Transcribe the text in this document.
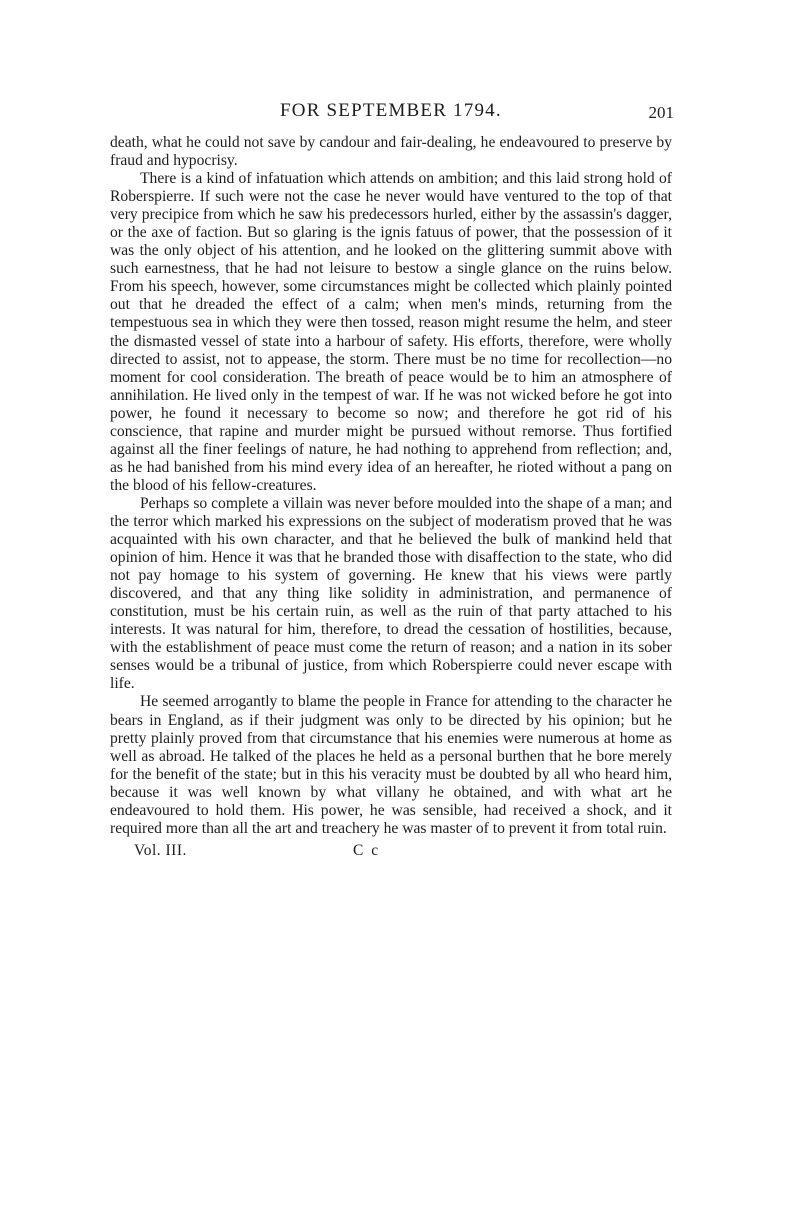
FOR SEPTEMBER 1794.	201

death, what he could not save by candour and fair-dealing, he endeavoured to preserve by fraud and hypocrisy.

There is a kind of infatuation which attends on ambition; and this laid strong hold of Roberspierre. If such were not the case he never would have ventured to the top of that very precipice from which he saw his predecessors hurled, either by the assassin's dagger, or the axe of faction. But so glaring is the ignis fatuus of power, that the possession of it was the only object of his attention, and he looked on the glittering summit above with such earnestness, that he had not leisure to bestow a single glance on the ruins below. From his speech, however, some circumstances might be collected which plainly pointed out that he dreaded the effect of a calm; when men's minds, returning from the tempestuous sea in which they were then tossed, reason might resume the helm, and steer the dismasted vessel of state into a harbour of safety. His efforts, therefore, were wholly directed to assist, not to appease, the storm. There must be no time for recollection—no moment for cool consideration. The breath of peace would be to him an atmosphere of annihilation. He lived only in the tempest of war. If he was not wicked before he got into power, he found it necessary to become so now; and therefore he got rid of his conscience, that rapine and murder might be pursued without remorse. Thus fortified against all the finer feelings of nature, he had nothing to apprehend from reflection; and, as he had banished from his mind every idea of an hereafter, he rioted without a pang on the blood of his fellow-creatures.

Perhaps so complete a villain was never before moulded into the shape of a man; and the terror which marked his expressions on the subject of moderatism proved that he was acquainted with his own character, and that he believed the bulk of mankind held that opinion of him. Hence it was that he branded those with disaffection to the state, who did not pay homage to his system of governing. He knew that his views were partly discovered, and that any thing like solidity in administration, and permanence of constitution, must be his certain ruin, as well as the ruin of that party attached to his interests. It was natural for him, therefore, to dread the cessation of hostilities, because, with the establishment of peace must come the return of reason; and a nation in its sober senses would be a tribunal of justice, from which Roberspierre could never escape with life.

He seemed arrogantly to blame the people in France for attending to the character he bears in England, as if their judgment was only to be directed by his opinion; but he pretty plainly proved from that circumstance that his enemies were numerous at home as well as abroad. He talked of the places he held as a personal burthen that he bore merely for the benefit of the state; but in this his veracity must be doubted by all who heard him, because it was well known by what villany he obtained, and with what art he endeavoured to hold them. His power, he was sensible, had received a shock, and it required more than all the art and treachery he was master of to prevent it from total ruin.

Vol. III.	C c
